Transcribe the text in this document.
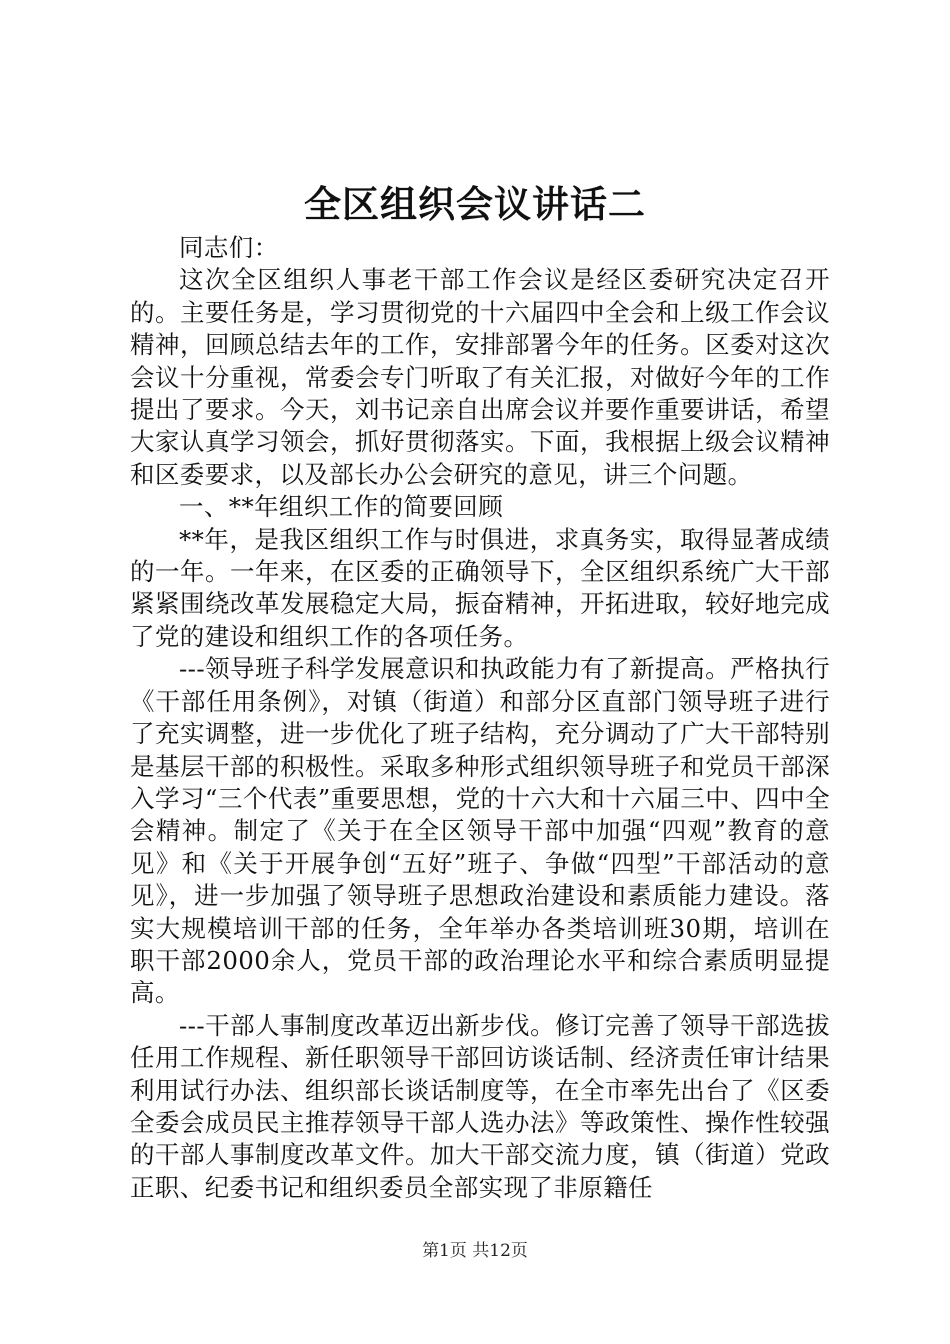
全区组织会议讲话二

同志们：

这次全区组织人事老干部工作会议是经区委研究决定召开的。主要任务是，学习贯彻党的十六届四中全会和上级工作会议精神，回顾总结去年的工作，安排部署今年的任务。区委对这次会议十分重视，常委会专门听取了有关汇报，对做好今年的工作提出了要求。今天，刘书记亲自出席会议并要作重要讲话，希望大家认真学习领会，抓好贯彻落实。下面，我根据上级会议精神和区委要求，以及部长办公会研究的意见，讲三个问题。

一、**年组织工作的简要回顾

**年，是我区组织工作与时俱进，求真务实，取得显著成绩的一年。一年来，在区委的正确领导下，全区组织系统广大干部紧紧围绕改革发展稳定大局，振奋精神，开拓进取，较好地完成了党的建设和组织工作的各项任务。

---领导班子科学发展意识和执政能力有了新提高。严格执行《干部任用条例》，对镇（街道）和部分区直部门领导班子进行了充实调整，进一步优化了班子结构，充分调动了广大干部特别是基层干部的积极性。采取多种形式组织领导班子和党员干部深入学习“三个代表”重要思想，党的十六大和十六届三中、四中全会精神。制定了《关于在全区领导干部中加强“四观”教育的意见》和《关于开展争创“五好”班子、争做“四型”干部活动的意见》，进一步加强了领导班子思想政治建设和素质能力建设。落实大规模培训干部的任务，全年举办各类培训班30期，培训在职干部2000余人，党员干部的政治理论水平和综合素质明显提高。

---干部人事制度改革迈出新步伐。修订完善了领导干部选拔任用工作规程、新任职领导干部回访谈话制、经济责任审计结果利用试行办法、组织部长谈话制度等，在全市率先出台了《区委全委会成员民主推荐领导干部人选办法》等政策性、操作性较强的干部人事制度改革文件。加大干部交流力度，镇（街道）党政正职、纪委书记和组织委员全部实现了非原籍任

第1页 共12页
